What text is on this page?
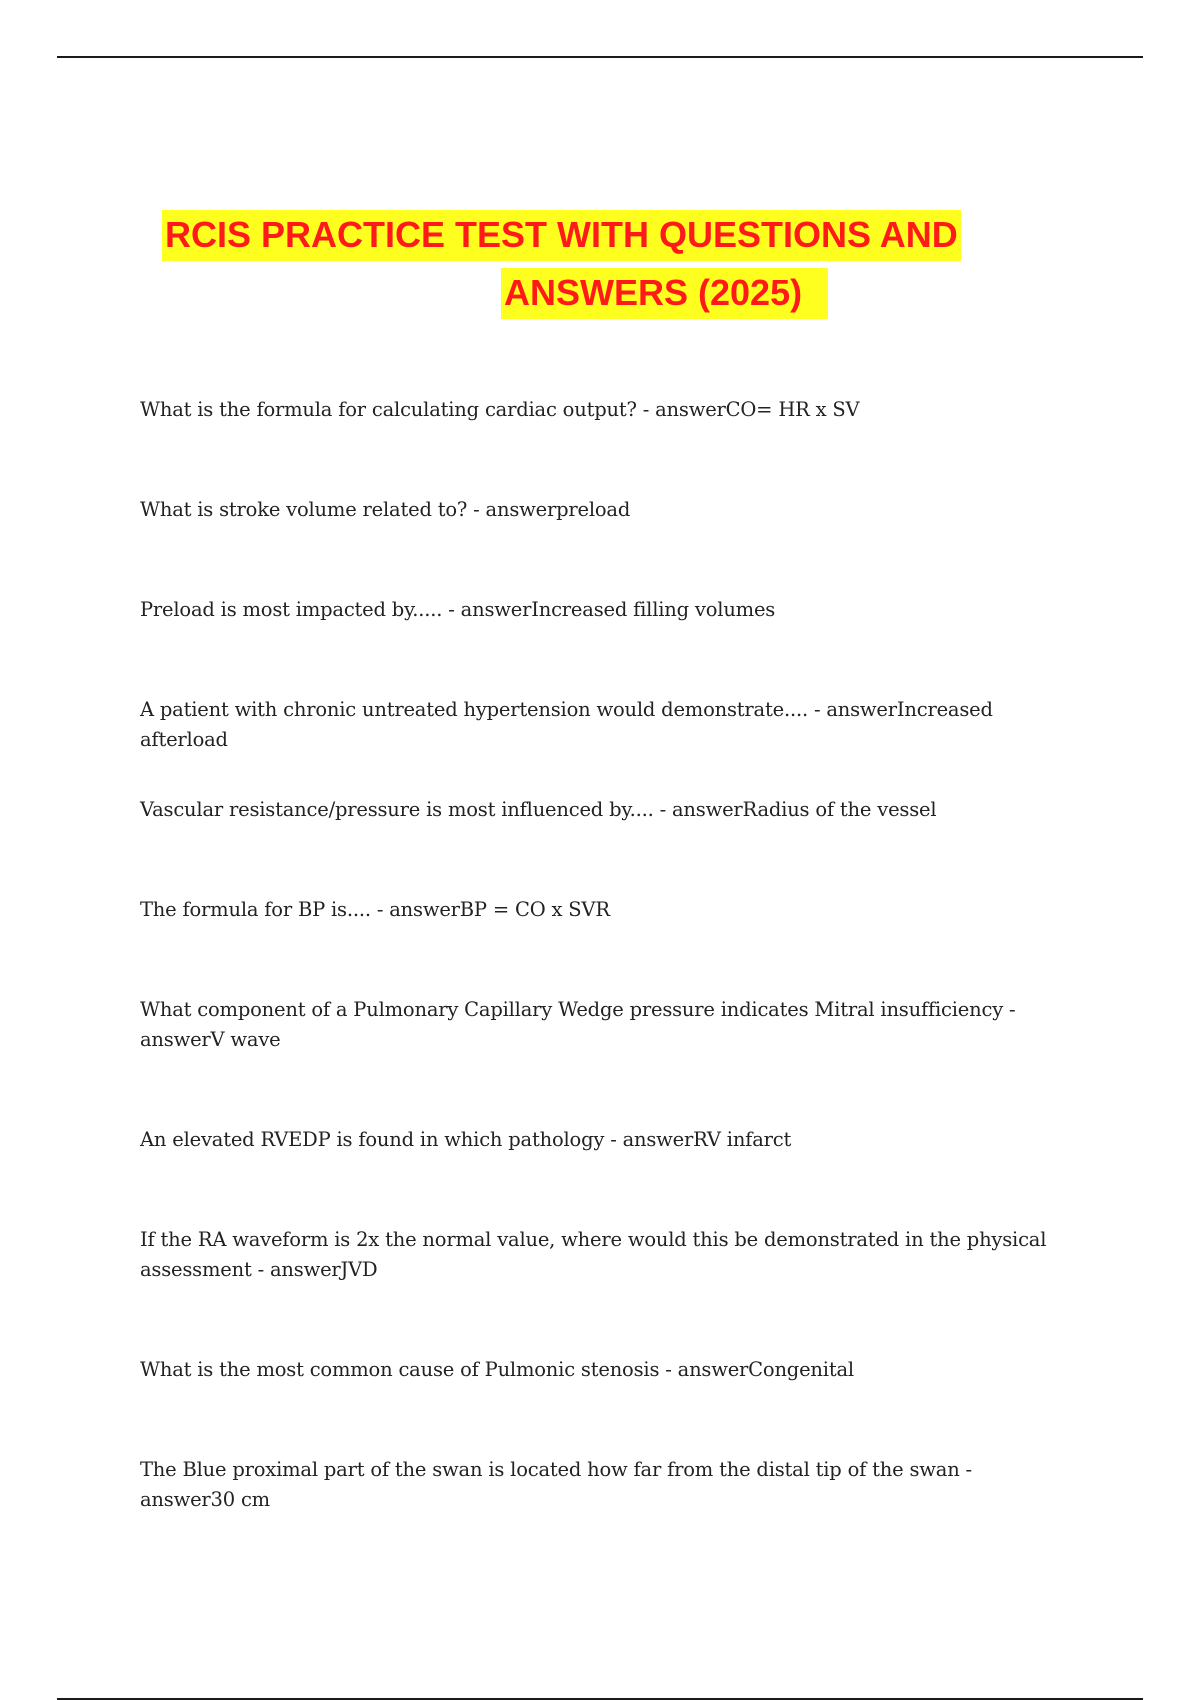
RCIS PRACTICE TEST WITH QUESTIONS AND
ANSWERS (2025)
What is the formula for calculating cardiac output? - answerCO= HR x SV
What is stroke volume related to? - answerpreload
Preload is most impacted by..... - answerIncreased filling volumes
A patient with chronic untreated hypertension would demonstrate.... - answerIncreased afterload
Vascular resistance/pressure is most influenced by.... - answerRadius of the vessel
The formula for BP is.... - answerBP = CO x SVR
What component of a Pulmonary Capillary Wedge pressure indicates Mitral insufficiency - answerV wave
An elevated RVEDP is found in which pathology - answerRV infarct
If the RA waveform is 2x the normal value, where would this be demonstrated in the physical assessment - answerJVD
What is the most common cause of Pulmonic stenosis - answerCongenital
The Blue proximal part of the swan is located how far from the distal tip of the swan - answer30 cm
